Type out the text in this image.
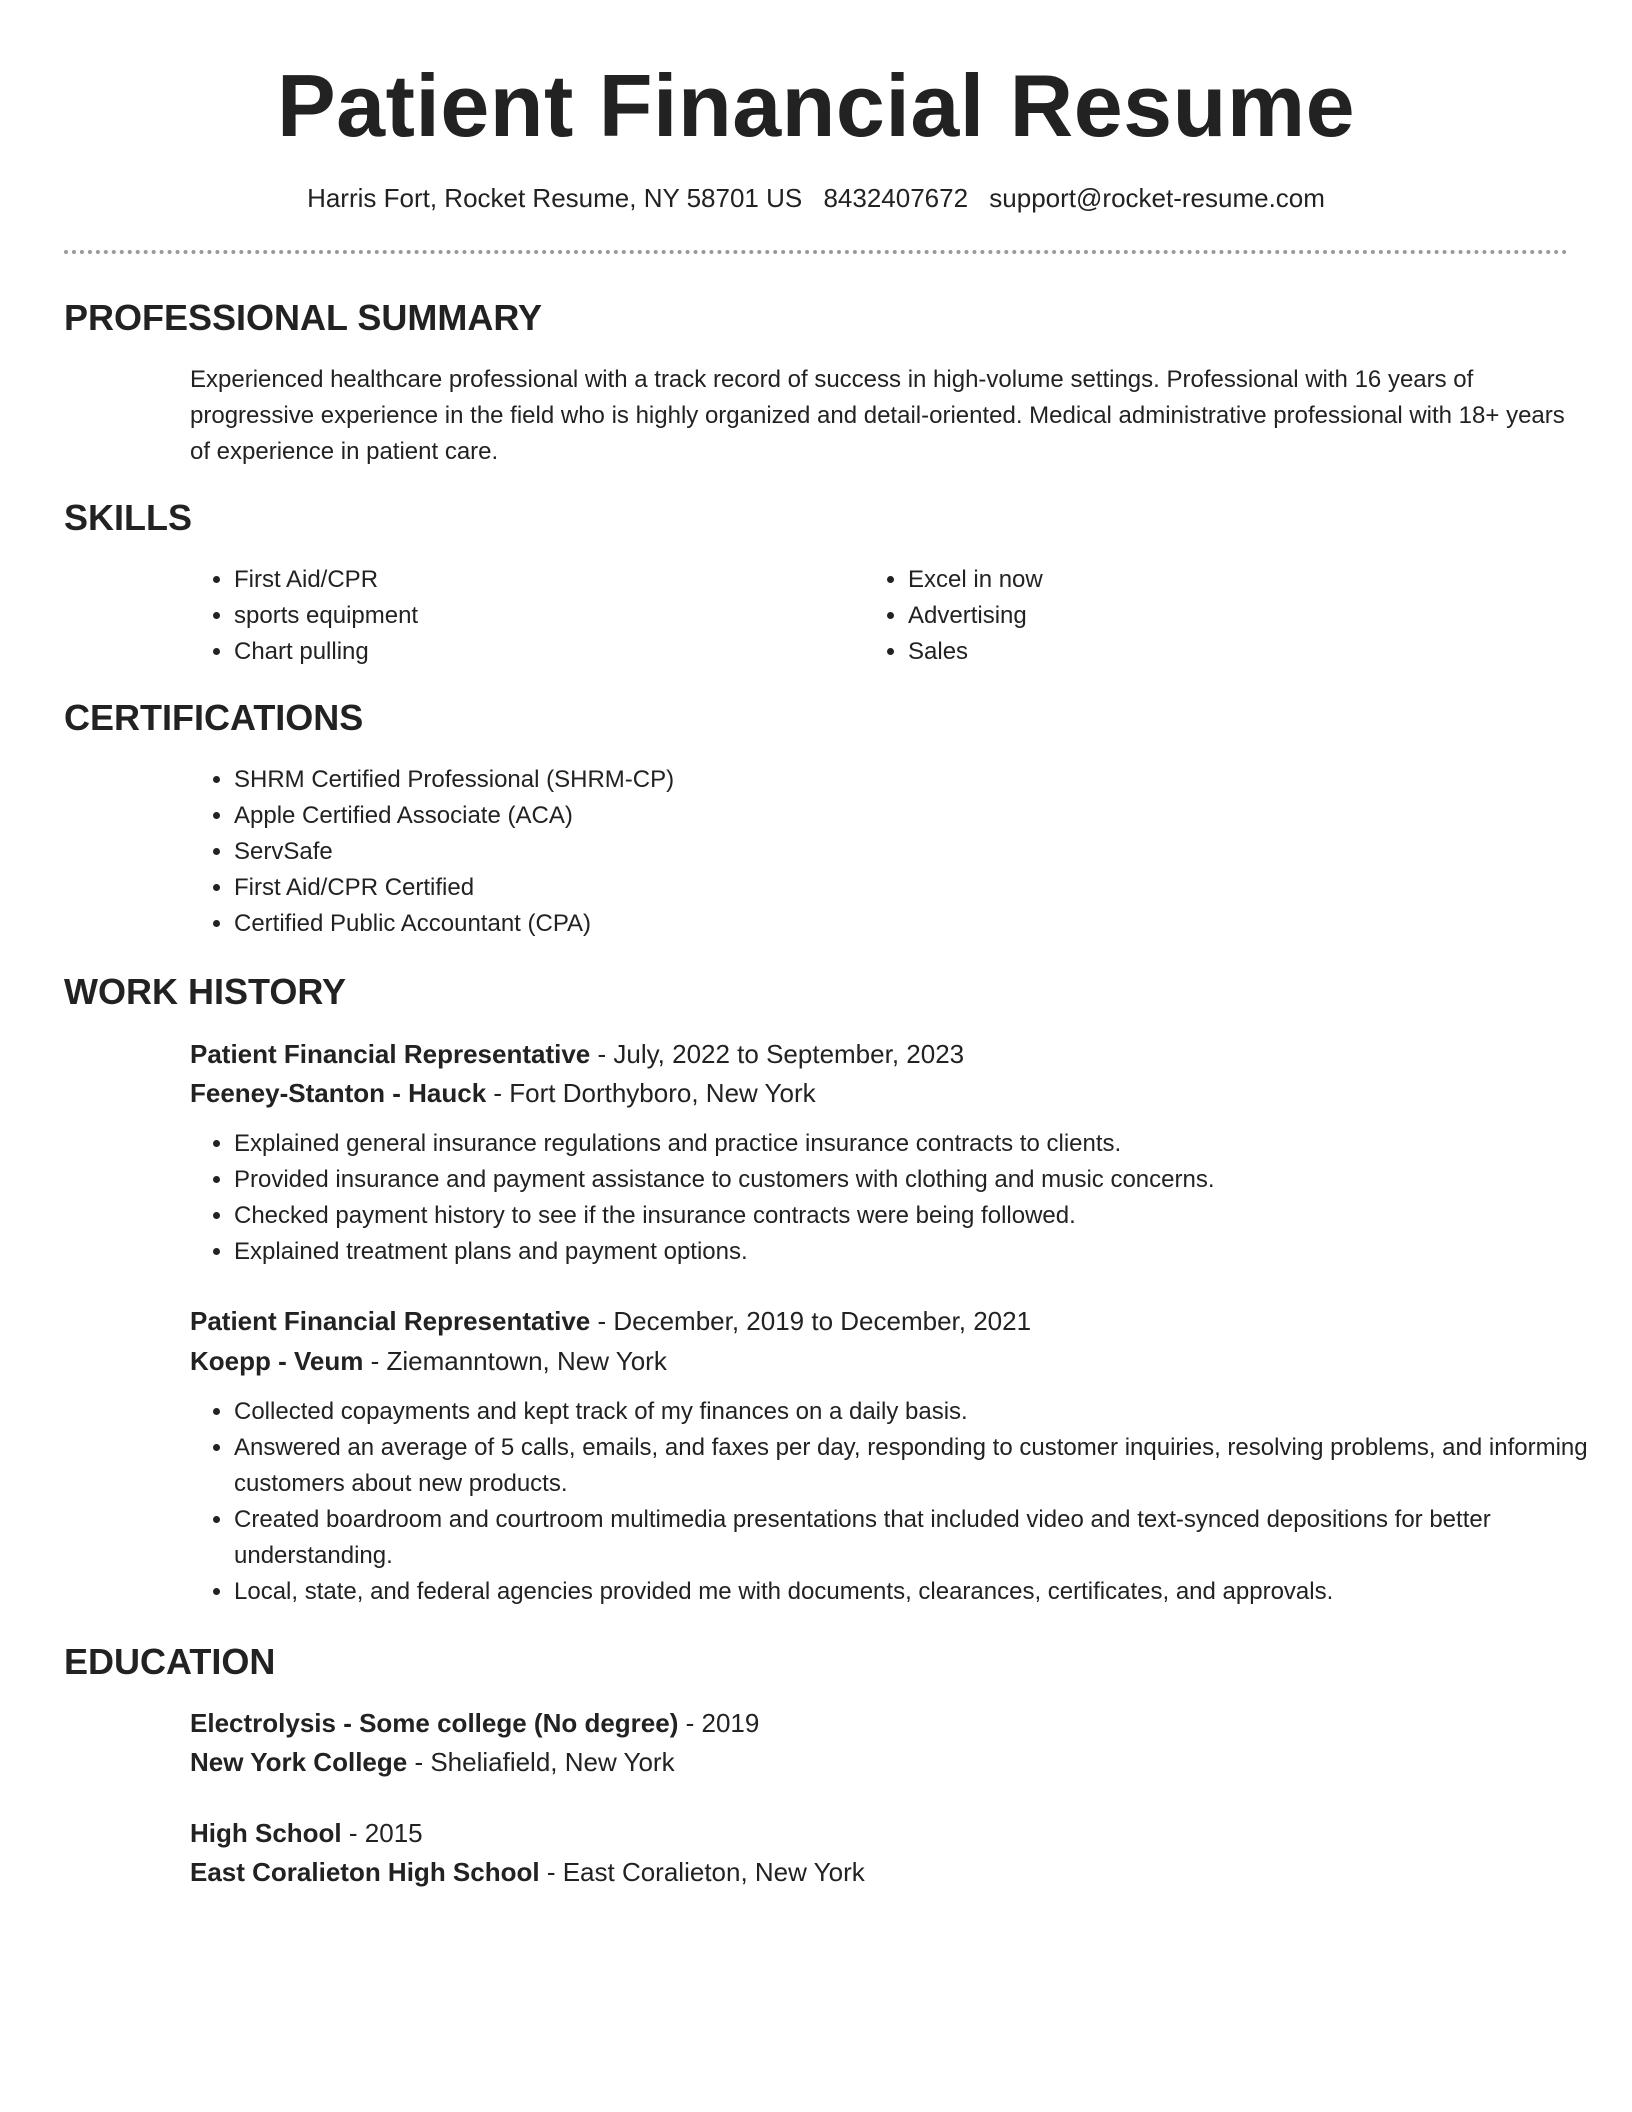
Patient Financial Resume
Harris Fort, Rocket Resume, NY 58701 US 8432407672 support@rocket-resume.com
PROFESSIONAL SUMMARY

Experienced healthcare professional with a track record of success in high-volume settings. Professional with 16 years of progressive experience in the field who is highly organized and detail-oriented. Medical administrative professional with 18+ years of experience in patient care.

SKILLS
• First Aid/CPR
• sports equipment
• Chart pulling
• Excel in now
• Advertising
• Sales
CERTIFICATIONS
• SHRM Certified Professional (SHRM-CP)
• Apple Certified Associate (ACA)
• ServSafe
• First Aid/CPR Certified
• Certified Public Accountant (CPA)
WORK HISTORY
Patient Financial Representative - July, 2022 to September, 2023
Feeney-Stanton - Hauck - Fort Dorthyboro, New York
• Explained general insurance regulations and practice insurance contracts to clients.
• Provided insurance and payment assistance to customers with clothing and music concerns.
• Checked payment history to see if the insurance contracts were being followed.
• Explained treatment plans and payment options.
Patient Financial Representative - December, 2019 to December, 2021
Koepp - Veum - Ziemanntown, New York
• Collected copayments and kept track of my finances on a daily basis.
• Answered an average of 5 calls, emails, and faxes per day, responding to customer inquiries, resolving problems, and informing customers about new products.
• Created boardroom and courtroom multimedia presentations that included video and text-synced depositions for better understanding.
• Local, state, and federal agencies provided me with documents, clearances, certificates, and approvals.
EDUCATION
Electrolysis - Some college (No degree) - 2019
New York College - Sheliafield, New York
High School - 2015
East Coralieton High School - East Coralieton, New York
